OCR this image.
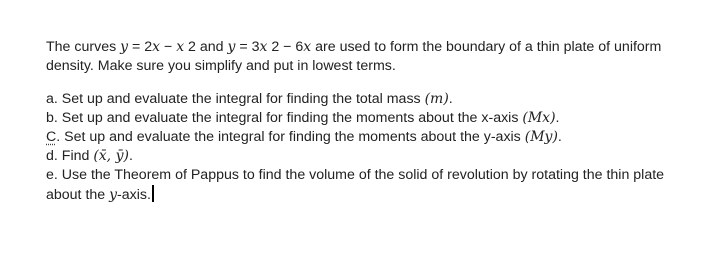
The curves y = 2x − x 2 and y = 3x 2 − 6x are used to form the boundary of a thin plate of uniform density. Make sure you simplify and put in lowest terms.

a. Set up and evaluate the integral for finding the total mass (m).
b. Set up and evaluate the integral for finding the moments about the x-axis (Mx).
C. Set up and evaluate the integral for finding the moments about the y-axis (My).
d. Find (x̄, ȳ).
e. Use the Theorem of Pappus to find the volume of the solid of revolution by rotating the thin plate about the y-axis.
